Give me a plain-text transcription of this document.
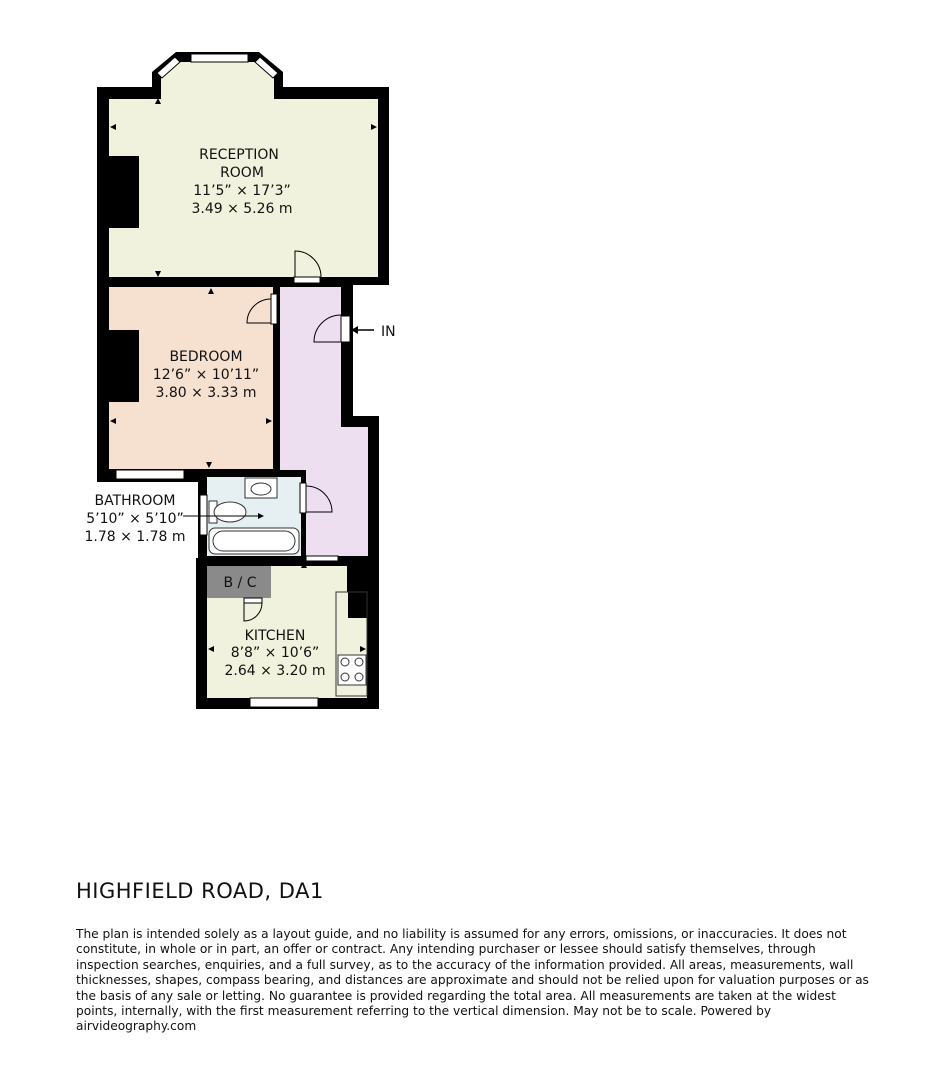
RECEPTION
ROOM
11’5” × 17’3”
3.49 × 5.26 m
BEDROOM
12’6” × 10’11”
3.80 × 3.33 m
BATHROOM
5’10” × 5’10”
1.78 × 1.78 m
B / C
KITCHEN
8’8” × 10’6”
2.64 × 3.20 m
IN
HIGHFIELD ROAD, DA1
The plan is intended solely as a layout guide, and no liability is assumed for any errors, omissions, or inaccuracies. It does not constitute, in whole or in part, an offer or contract. Any intending purchaser or lessee should satisfy themselves, through inspection searches, enquiries, and a full survey, as to the accuracy of the information provided. All areas, measurements, wall thicknesses, shapes, compass bearing, and distances are approximate and should not be relied upon for valuation purposes or as the basis of any sale or letting. No guarantee is provided regarding the total area. All measurements are taken at the widest points, internally, with the first measurement referring to the vertical dimension. May not be to scale. Powered by airvideography.com
